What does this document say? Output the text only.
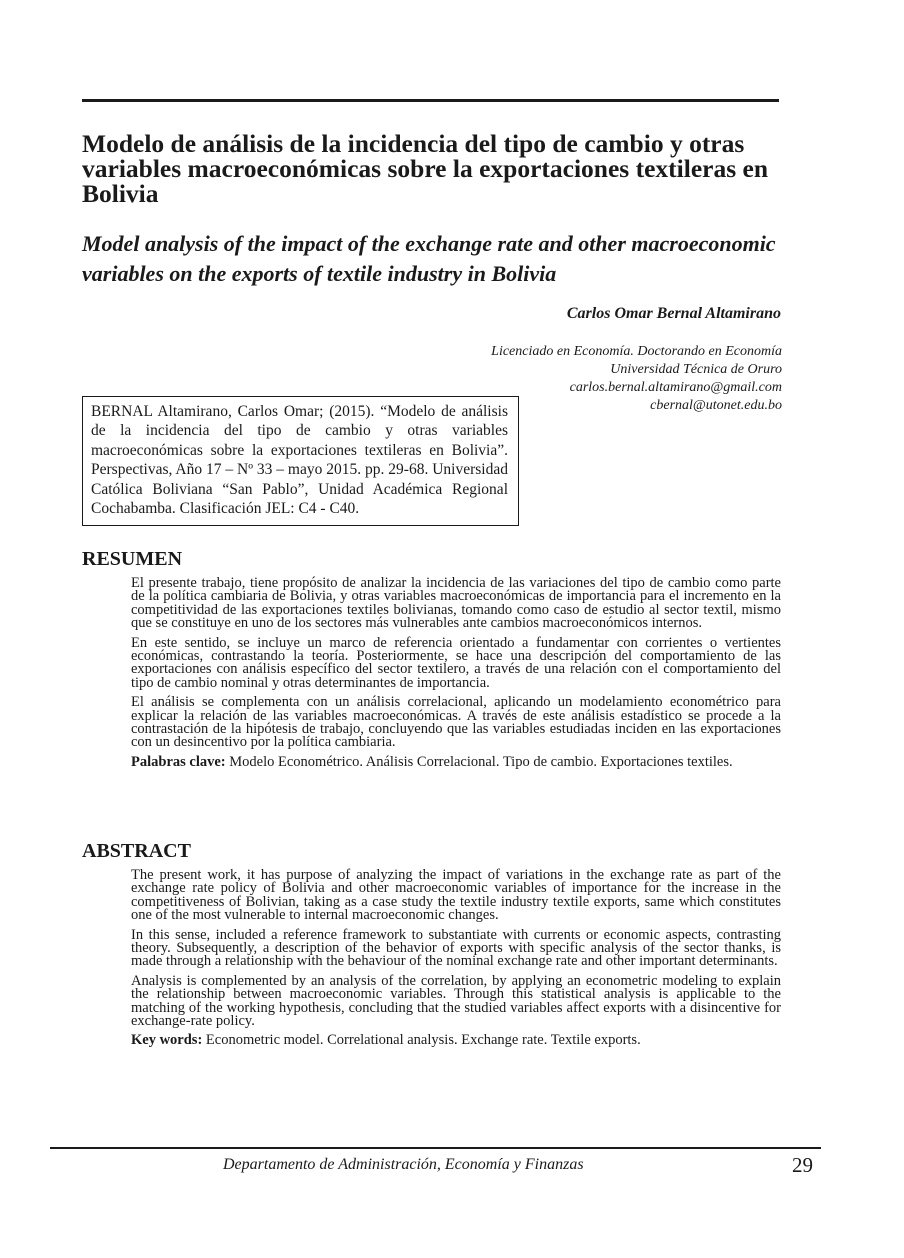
Modelo de análisis de la incidencia del tipo de cambio y otras variables macroeconómicas sobre la exportaciones textileras en Bolivia
Model analysis of the impact of the exchange rate and other macroeconomic variables on the exports of textile industry in Bolivia

Carlos Omar Bernal Altamirano

Licenciado en Economía. Doctorando en Economía
Universidad Técnica de Oruro
carlos.bernal.altamirano@gmail.com
cbernal@utonet.edu.bo
BERNAL Altamirano, Carlos Omar; (2015). “Modelo de análisis de la incidencia del tipo de cambio y otras variables macroeconómicas sobre la exportaciones textileras en Bolivia”. Perspectivas, Año 17 – Nº 33 – mayo 2015. pp. 29-68. Universidad Católica Boliviana “San Pablo”, Unidad Académica Regional Cochabamba. Clasificación JEL: C4 - C40.
RESUMEN

El presente trabajo, tiene propósito de analizar la incidencia de las variaciones del tipo de cambio como parte de la política cambiaria de Bolivia, y otras variables macroeconómicas de importancia para el incremento en la competitividad de las exportaciones textiles bolivianas, tomando como caso de estudio al sector textil, mismo que se constituye en uno de los sectores más vulnerables ante cambios macroeconómicos internos.

En este sentido, se incluye un marco de referencia orientado a fundamentar con corrientes o vertientes económicas, contrastando la teoría. Posteriormente, se hace una descripción del comportamiento de las exportaciones con análisis específico del sector textilero, a través de una relación con el comportamiento del tipo de cambio nominal y otras determinantes de importancia.

El análisis se complementa con un análisis correlacional, aplicando un modelamiento econométrico para explicar la relación de las variables macroeconómicas. A través de este análisis estadístico se procede a la contrastación de la hipótesis de trabajo, concluyendo que las variables estudiadas inciden en las exportaciones con un desincentivo por la política cambiaria.

Palabras clave: Modelo Econométrico. Análisis Correlacional. Tipo de cambio. Exportaciones textiles.

ABSTRACT

The present work, it has purpose of analyzing the impact of variations in the exchange rate as part of the exchange rate policy of Bolivia and other macroeconomic variables of importance for the increase in the competitiveness of Bolivian, taking as a case study the textile industry textile exports, same which constitutes one of the most vulnerable to internal macroeconomic changes.

In this sense, included a reference framework to substantiate with currents or economic aspects, contrasting theory. Subsequently, a description of the behavior of exports with specific analysis of the sector thanks, is made through a relationship with the behaviour of the nominal exchange rate and other important determinants.

Analysis is complemented by an analysis of the correlation, by applying an econometric modeling to explain the relationship between macroeconomic variables. Through this statistical analysis is applicable to the matching of the working hypothesis, concluding that the studied variables affect exports with a disincentive for exchange-rate policy.

Key words: Econometric model. Correlational analysis. Exchange rate. Textile exports.

Departamento de Administración, Economía y Finanzas	29
